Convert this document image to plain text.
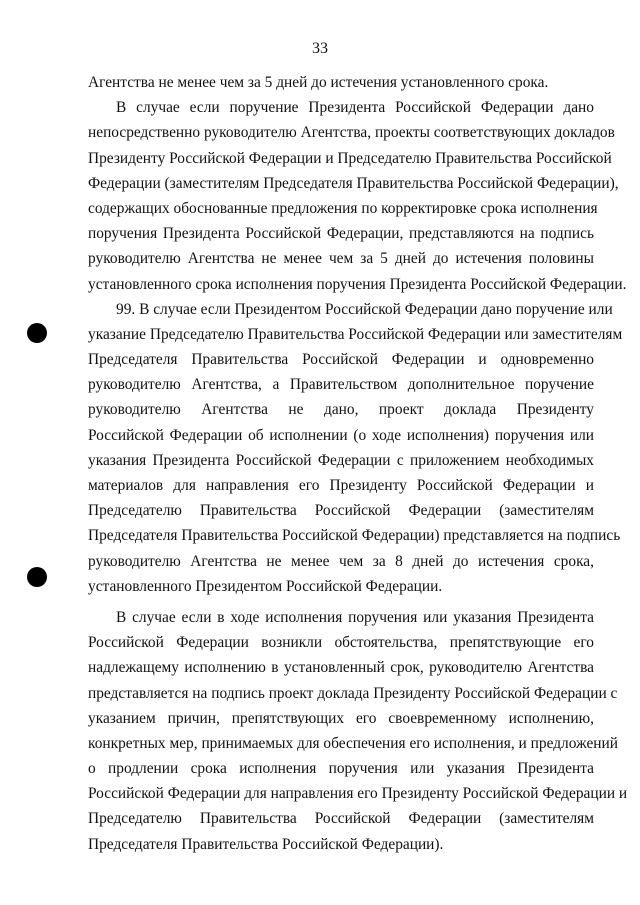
33
Агентства не менее чем за 5 дней до истечения установленного срока.
В случае если поручение Президента Российской Федерации дано
непосредственно руководителю Агентства, проекты соответствующих докладов
Президенту Российской Федерации и Председателю Правительства Российской
Федерации (заместителям Председателя Правительства Российской Федерации),
содержащих обоснованные предложения по корректировке срока исполнения
поручения Президента Российской Федерации, представляются на подпись
руководителю Агентства не менее чем за 5 дней до истечения половины
установленного срока исполнения поручения Президента Российской Федерации.
99. В случае если Президентом Российской Федерации дано поручение или
указание Председателю Правительства Российской Федерации или заместителям
Председателя Правительства Российской Федерации и одновременно
руководителю Агентства, а Правительством дополнительное поручение
руководителю Агентства не дано, проект доклада Президенту
Российской Федерации об исполнении (о ходе исполнения) поручения или
указания Президента Российской Федерации с приложением необходимых
материалов для направления его Президенту Российской Федерации и
Председателю Правительства Российской Федерации (заместителям
Председателя Правительства Российской Федерации) представляется на подпись
руководителю Агентства не менее чем за 8 дней до истечения срока,
установленного Президентом Российской Федерации.
В случае если в ходе исполнения поручения или указания Президента
Российской Федерации возникли обстоятельства, препятствующие его
надлежащему исполнению в установленный срок, руководителю Агентства
представляется на подпись проект доклада Президенту Российской Федерации с
указанием причин, препятствующих его своевременному исполнению,
конкретных мер, принимаемых для обеспечения его исполнения, и предложений
о продлении срока исполнения поручения или указания Президента
Российской Федерации для направления его Президенту Российской Федерации и
Председателю Правительства Российской Федерации (заместителям
Председателя Правительства Российской Федерации).
